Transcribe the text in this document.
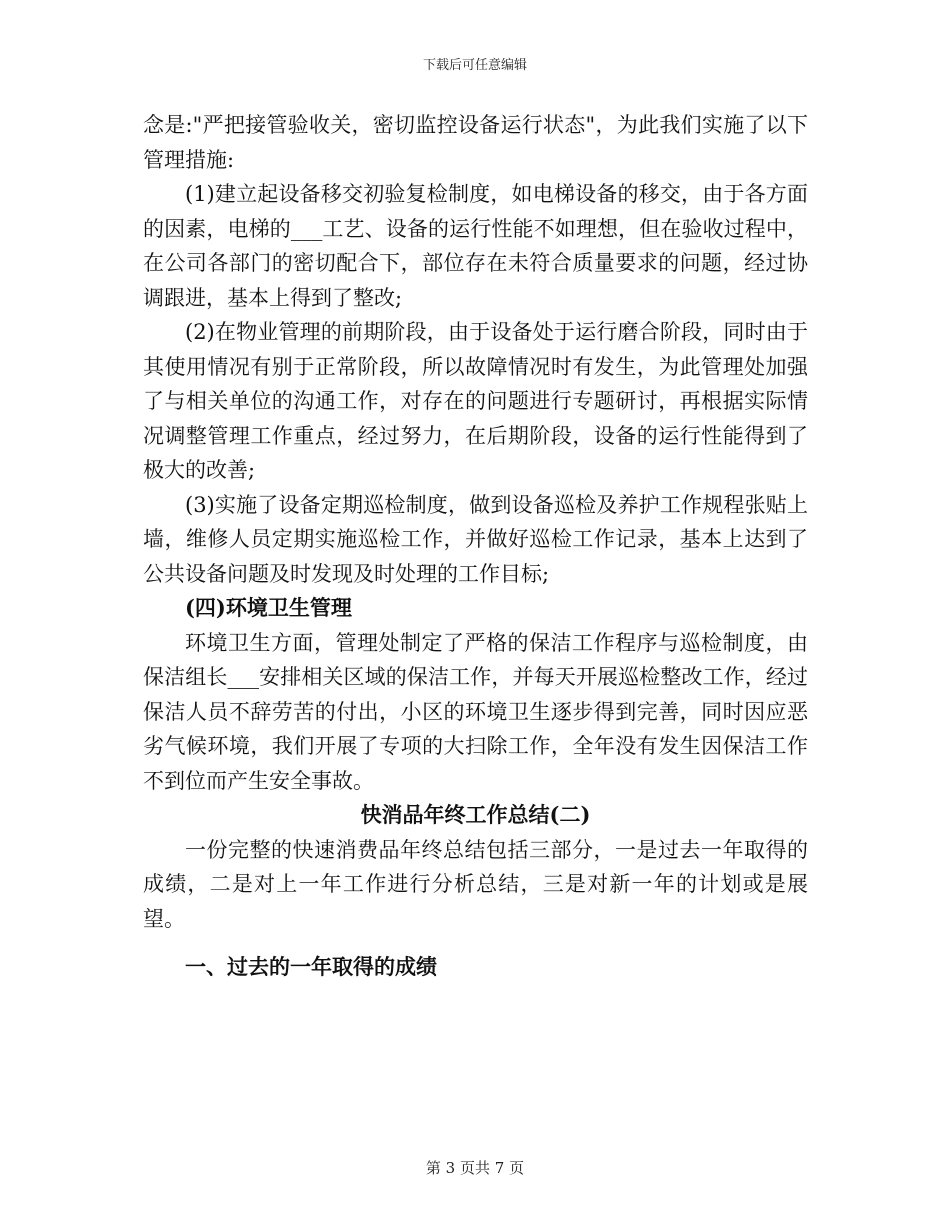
下载后可任意编辑

念是:"严把接管验收关，密切监控设备运行状态"，为此我们实施了以下管理措施:

(1)建立起设备移交初验复检制度，如电梯设备的移交，由于各方面的因素，电梯的___工艺、设备的运行性能不如理想，但在验收过程中，在公司各部门的密切配合下，部位存在未符合质量要求的问题，经过协调跟进，基本上得到了整改;

(2)在物业管理的前期阶段，由于设备处于运行磨合阶段，同时由于其使用情况有别于正常阶段，所以故障情况时有发生，为此管理处加强了与相关单位的沟通工作，对存在的问题进行专题研讨，再根据实际情况调整管理工作重点，经过努力，在后期阶段，设备的运行性能得到了极大的改善;

(3)实施了设备定期巡检制度，做到设备巡检及养护工作规程张贴上墙，维修人员定期实施巡检工作，并做好巡检工作记录，基本上达到了公共设备问题及时发现及时处理的工作目标;

(四)环境卫生管理

环境卫生方面，管理处制定了严格的保洁工作程序与巡检制度，由保洁组长___安排相关区域的保洁工作，并每天开展巡检整改工作，经过保洁人员不辞劳苦的付出，小区的环境卫生逐步得到完善，同时因应恶劣气候环境，我们开展了专项的大扫除工作，全年没有发生因保洁工作不到位而产生安全事故。

快消品年终工作总结(二)

一份完整的快速消费品年终总结包括三部分，一是过去一年取得的成绩，二是对上一年工作进行分析总结，三是对新一年的计划或是展望。

一、过去的一年取得的成绩

第 3 页共 7 页
